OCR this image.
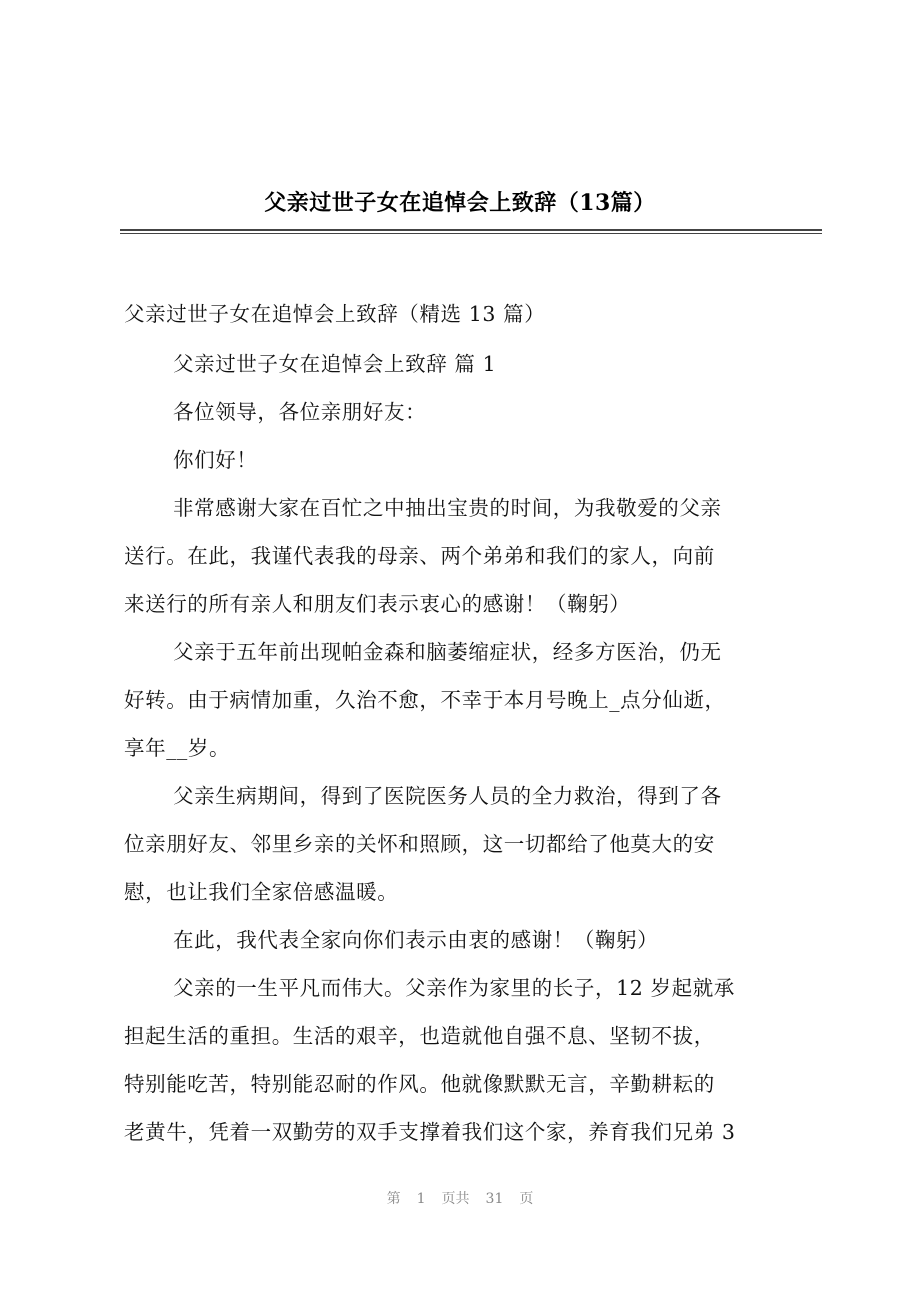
父亲过世子女在追悼会上致辞（13篇）
父亲过世子女在追悼会上致辞（精选 13 篇）
父亲过世子女在追悼会上致辞 篇 1
各位领导，各位亲朋好友：
你们好！
非常感谢大家在百忙之中抽出宝贵的时间，为我敬爱的父亲
送行。在此，我谨代表我的母亲、两个弟弟和我们的家人，向前
来送行的所有亲人和朋友们表示衷心的感谢！（鞠躬）
父亲于五年前出现帕金森和脑萎缩症状，经多方医治，仍无
好转。由于病情加重，久治不愈，不幸于本月号晚上_点分仙逝，
享年__岁。
父亲生病期间，得到了医院医务人员的全力救治，得到了各
位亲朋好友、邻里乡亲的关怀和照顾，这一切都给了他莫大的安
慰，也让我们全家倍感温暖。
在此，我代表全家向你们表示由衷的感谢！（鞠躬）
父亲的一生平凡而伟大。父亲作为家里的长子，12 岁起就承
担起生活的重担。生活的艰辛，也造就他自强不息、坚韧不拔，
特别能吃苦，特别能忍耐的作风。他就像默默无言，辛勤耕耘的
老黄牛，凭着一双勤劳的双手支撑着我们这个家，养育我们兄弟 3
第 1 页共 31 页
